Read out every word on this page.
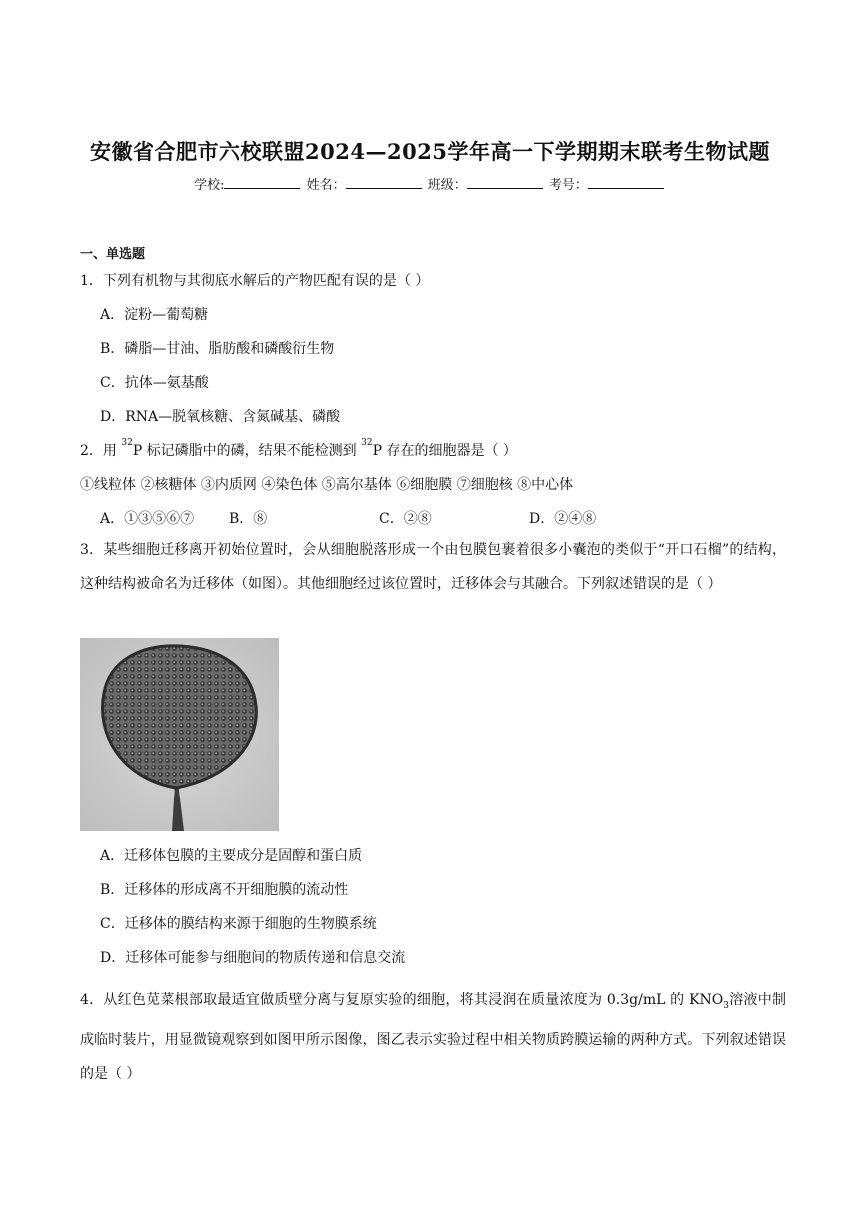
安徽省合肥市六校联盟2024—2025学年高一下学期期末联考生物试题
学校:	姓名：	班级：	考号：
一、单选题
1．下列有机物与其彻底水解后的产物匹配有误的是（ ）
A．淀粉—葡萄糖
B．磷脂—甘油、脂肪酸和磷酸衍生物
C．抗体—氨基酸
D．RNA—脱氧核糖、含氮碱基、磷酸
2．用 $^{32}$P 标记磷脂中的磷，结果不能检测到 $^{32}$P 存在的细胞器是（ ）
①线粒体 ②核糖体 ③内质网 ④染色体 ⑤高尔基体 ⑥细胞膜 ⑦细胞核 ⑧中心体
A．①③⑤⑥⑦ B．⑧	C．②⑧	D．②④⑧
3．某些细胞迁移离开初始位置时，会从细胞脱落形成一个由包膜包裹着很多小囊泡的类似于“开口石榴”的结构，这种结构被命名为迁移体（如图）。其他细胞经过该位置时，迁移体会与其融合。下列叙述错误的是（ ）
A．迁移体包膜的主要成分是固醇和蛋白质
B．迁移体的形成离不开细胞膜的流动性
C．迁移体的膜结构来源于细胞的生物膜系统
D．迁移体可能参与细胞间的物质传递和信息交流
4．从红色苋菜根部取最适宜做质壁分离与复原实验的细胞，将其浸润在质量浓度为 0.3g/mL 的 $KNO_3$溶液中制成临时装片，用显微镜观察到如图甲所示图像，图乙表示实验过程中相关物质跨膜运输的两种方式。下列叙述错误的是（ ）
